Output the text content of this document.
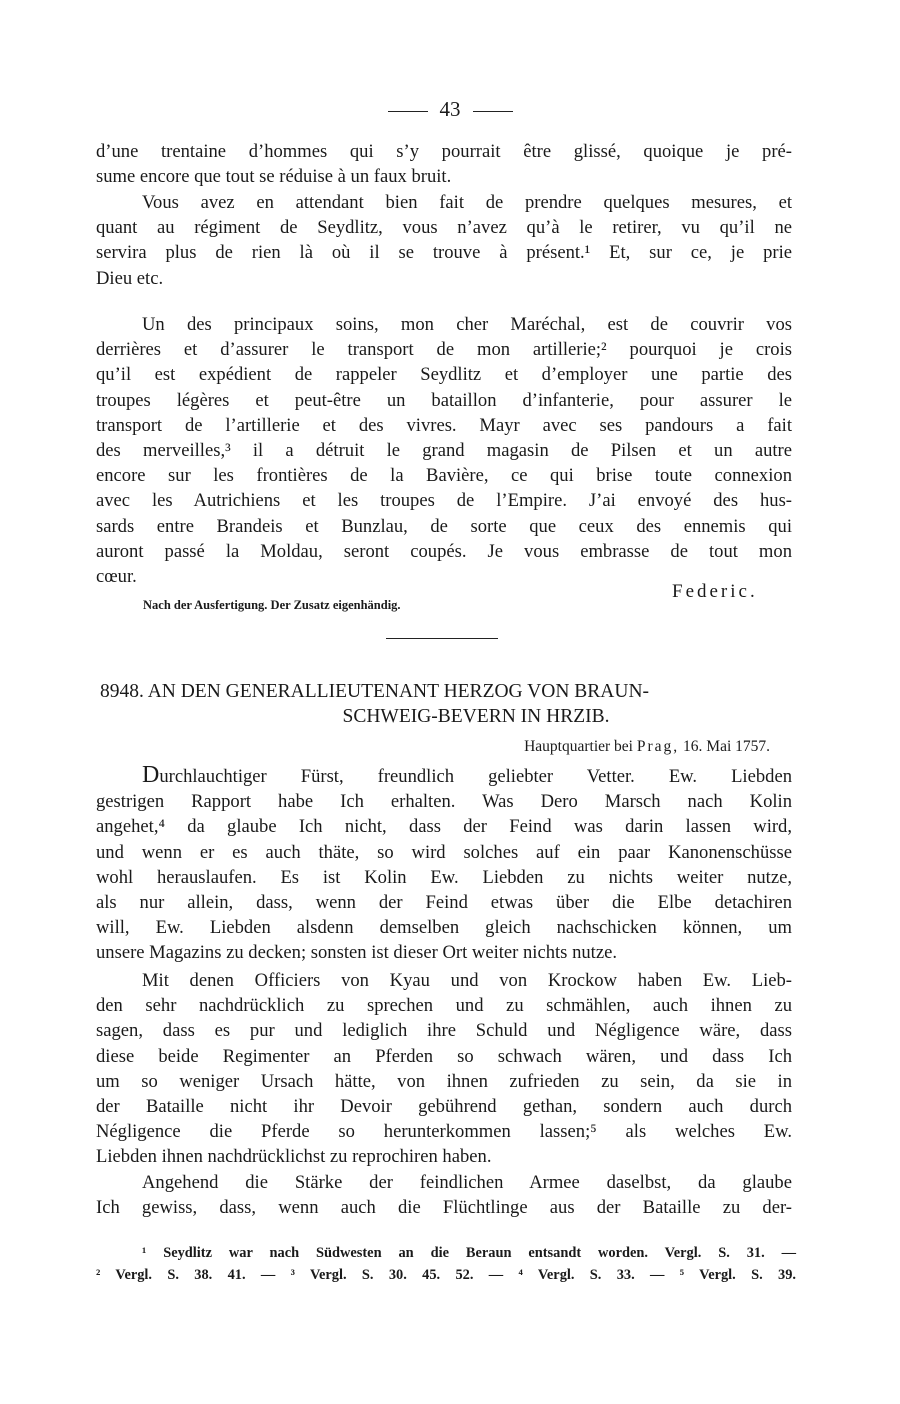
43
d’une trentaine d’hommes qui s’y pourrait être glissé, quoique je pré-
sume encore que tout se réduise à un faux bruit.
Vous avez en attendant bien fait de prendre quelques mesures, et
quant au régiment de Seydlitz, vous n’avez qu’à le retirer, vu qu’il ne
servira plus de rien là où il se trouve à présent.¹ Et, sur ce, je prie
Dieu etc.
Un des principaux soins, mon cher Maréchal, est de couvrir vos
derrières et d’assurer le transport de mon artillerie;² pourquoi je crois
qu’il est expédient de rappeler Seydlitz et d’employer une partie des
troupes légères et peut-être un bataillon d’infanterie, pour assurer le
transport de l’artillerie et des vivres. Mayr avec ses pandours a fait
des merveilles,³ il a détruit le grand magasin de Pilsen et un autre
encore sur les frontières de la Bavière, ce qui brise toute connexion
avec les Autrichiens et les troupes de l’Empire. J’ai envoyé des hus-
sards entre Brandeis et Bunzlau, de sorte que ceux des ennemis qui
auront passé la Moldau, seront coupés. Je vous embrasse de tout mon
cœur.
Federic.
Nach der Ausfertigung. Der Zusatz eigenhändig.
8948. AN DEN GENERALLIEUTENANT HERZOG VON BRAUN-
SCHWEIG-BEVERN IN HRZIB.
Hauptquartier bei Prag, 16. Mai 1757.
Durchlauchtiger Fürst, freundlich geliebter Vetter. Ew. Liebden
gestrigen Rapport habe Ich erhalten. Was Dero Marsch nach Kolin
angehet,⁴ da glaube Ich nicht, dass der Feind was darin lassen wird,
und wenn er es auch thäte, so wird solches auf ein paar Kanonenschüsse
wohl herauslaufen. Es ist Kolin Ew. Liebden zu nichts weiter nutze,
als nur allein, dass, wenn der Feind etwas über die Elbe detachiren
will, Ew. Liebden alsdenn demselben gleich nachschicken können, um
unsere Magazins zu decken; sonsten ist dieser Ort weiter nichts nutze.
Mit denen Officiers von Kyau und von Krockow haben Ew. Lieb-
den sehr nachdrücklich zu sprechen und zu schmählen, auch ihnen zu
sagen, dass es pur und lediglich ihre Schuld und Négligence wäre, dass
diese beide Regimenter an Pferden so schwach wären, und dass Ich
um so weniger Ursach hätte, von ihnen zufrieden zu sein, da sie in
der Bataille nicht ihr Devoir gebührend gethan, sondern auch durch
Négligence die Pferde so herunterkommen lassen;⁵ als welches Ew.
Liebden ihnen nachdrücklichst zu reprochiren haben.
Angehend die Stärke der feindlichen Armee daselbst, da glaube
Ich gewiss, dass, wenn auch die Flüchtlinge aus der Bataille zu der-
¹ Seydlitz war nach Südwesten an die Beraun entsandt worden. Vergl. S. 31. —
² Vergl. S. 38. 41. — ³ Vergl. S. 30. 45. 52. — ⁴ Vergl. S. 33. — ⁵ Vergl. S. 39.
